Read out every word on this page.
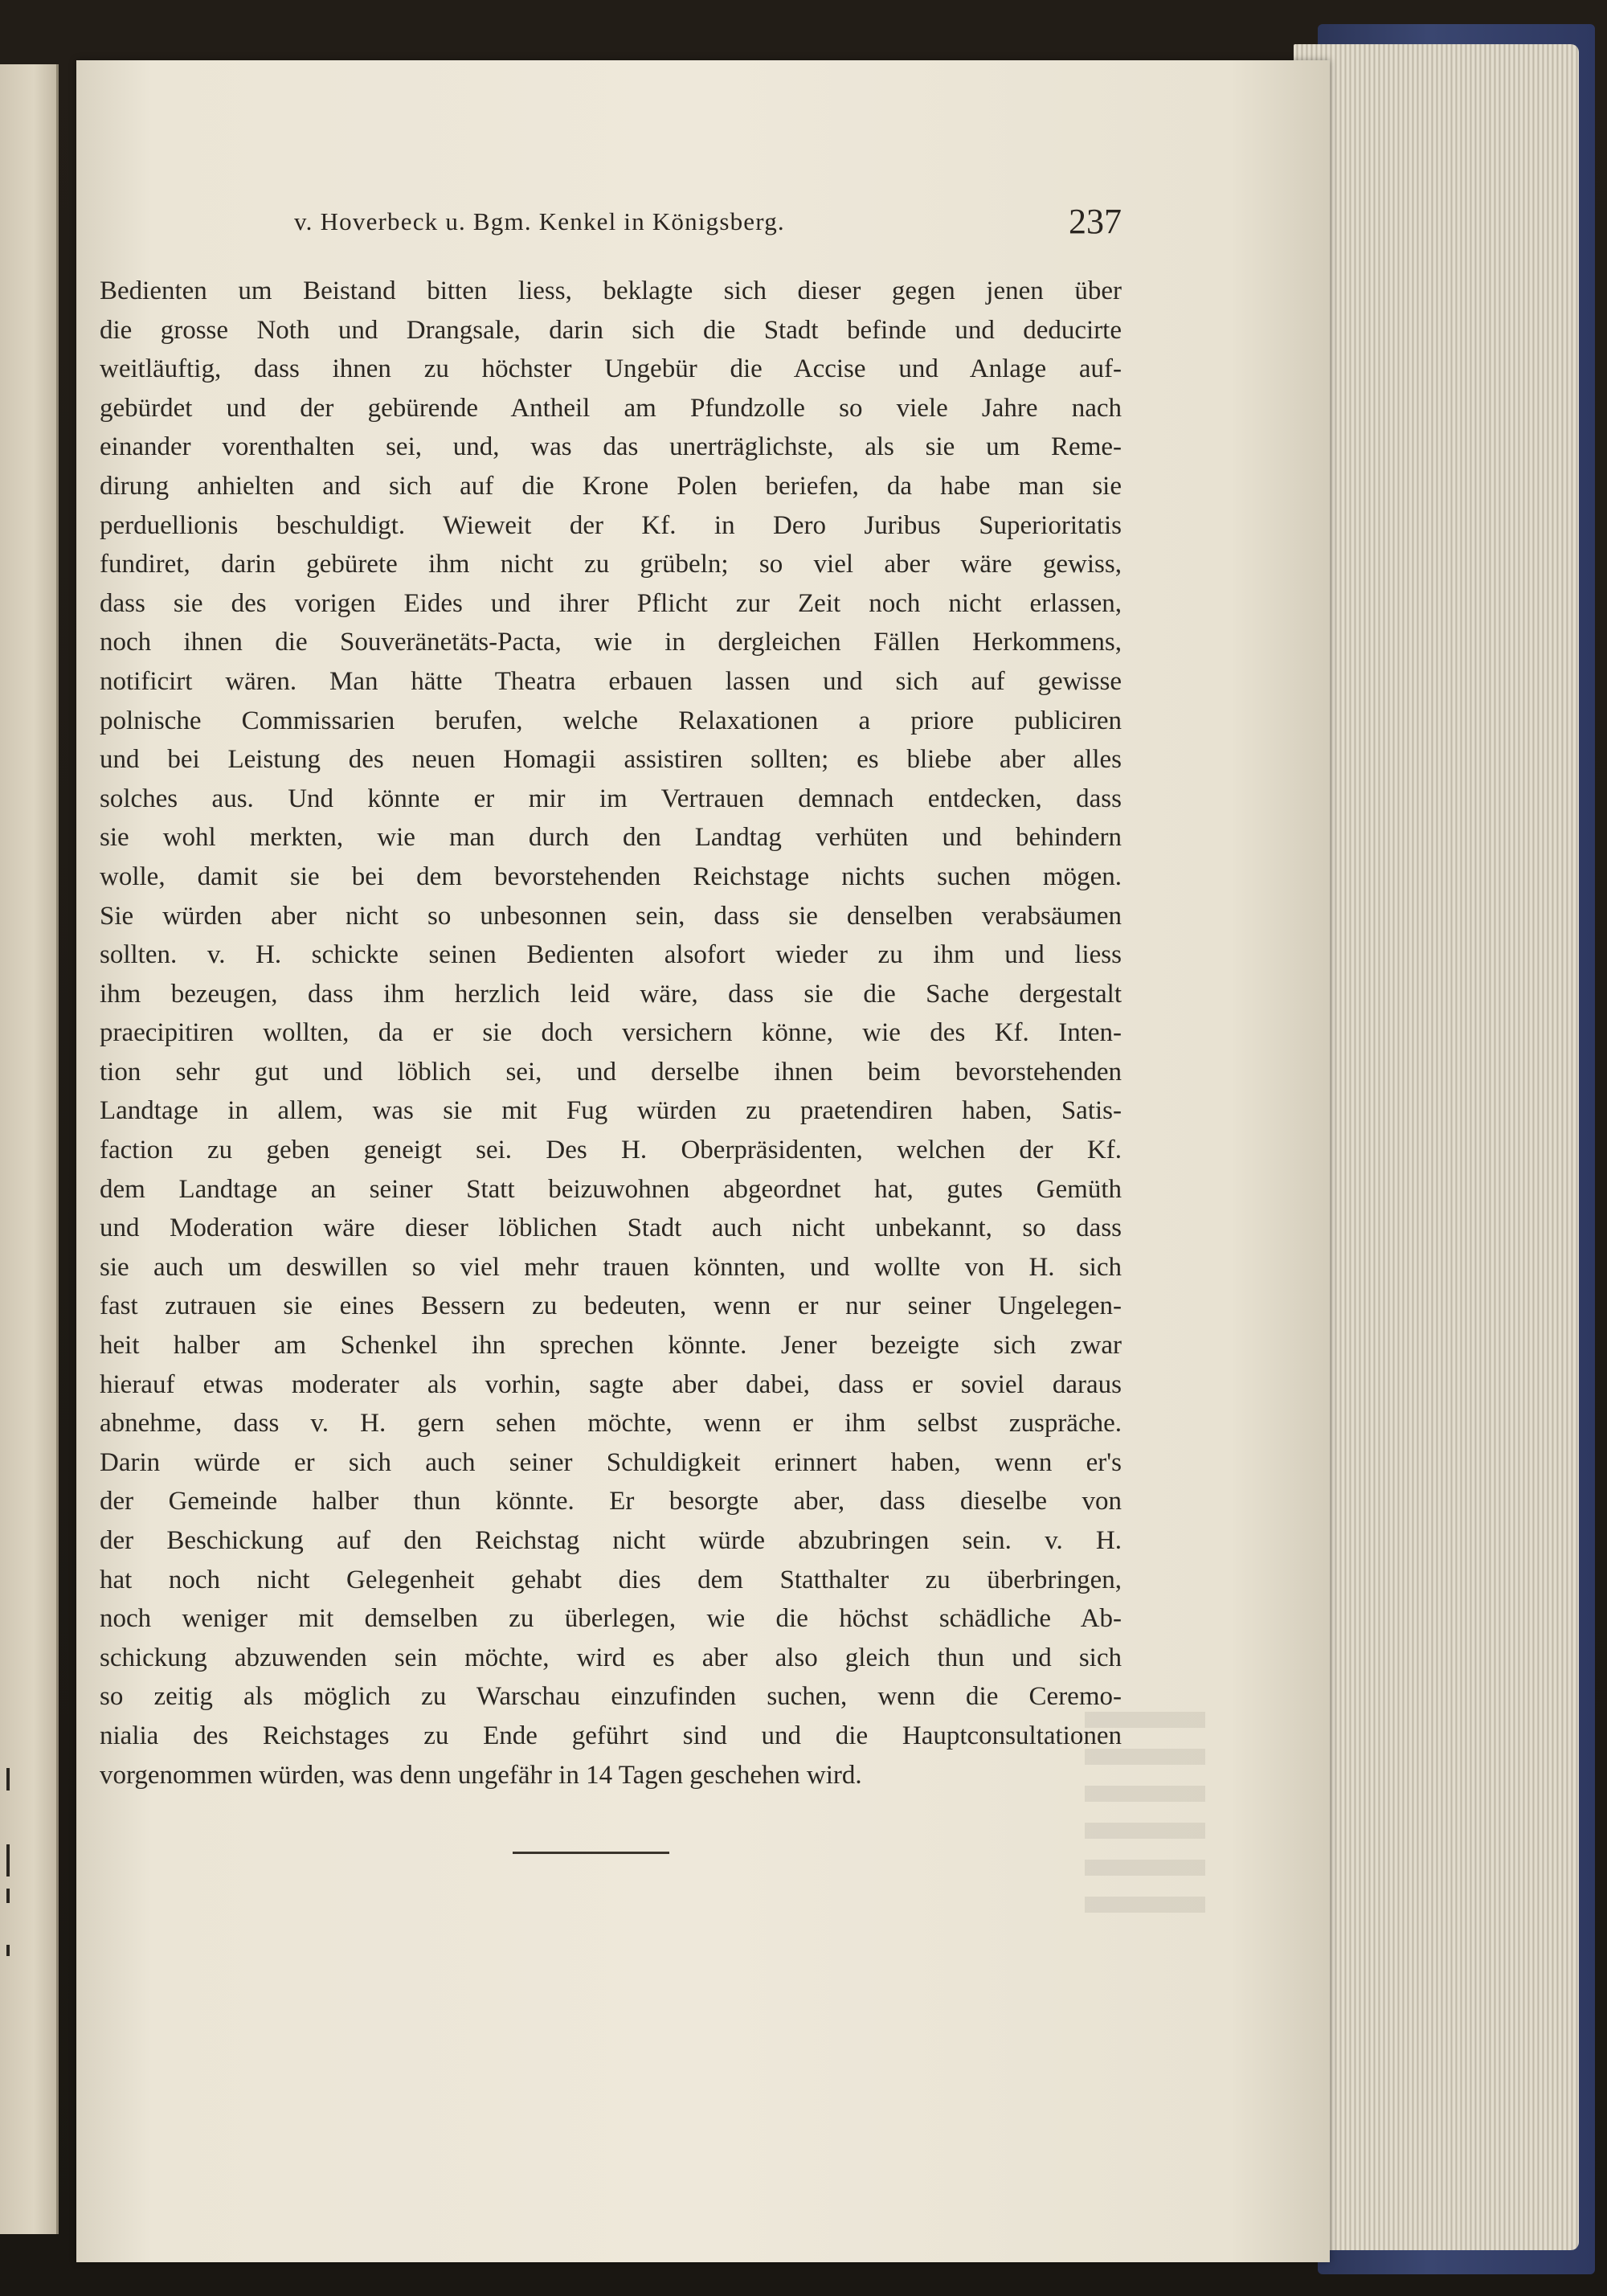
v. Hoverbeck u. Bgm. Kenkel in Königsberg.	237
Bedienten um Beistand bitten liess, beklagte sich dieser gegen jenen über
die grosse Noth und Drangsale, darin sich die Stadt befinde und deducirte
weitläuftig, dass ihnen zu höchster Ungebür die Accise und Anlage auf-
gebürdet und der gebürende Antheil am Pfundzolle so viele Jahre nach
einander vorenthalten sei, und, was das unerträglichste, als sie um Reme-
dirung anhielten and sich auf die Krone Polen beriefen, da habe man sie
perduellionis beschuldigt. Wieweit der Kf. in Dero Juribus Superioritatis
fundiret, darin gebürete ihm nicht zu grübeln; so viel aber wäre gewiss,
dass sie des vorigen Eides und ihrer Pflicht zur Zeit noch nicht erlassen,
noch ihnen die Souveränetäts-Pacta, wie in dergleichen Fällen Herkommens,
notificirt wären. Man hätte Theatra erbauen lassen und sich auf gewisse
polnische Commissarien berufen, welche Relaxationen a priore publiciren
und bei Leistung des neuen Homagii assistiren sollten; es bliebe aber alles
solches aus. Und könnte er mir im Vertrauen demnach entdecken, dass
sie wohl merkten, wie man durch den Landtag verhüten und behindern
wolle, damit sie bei dem bevorstehenden Reichstage nichts suchen mögen.
Sie würden aber nicht so unbesonnen sein, dass sie denselben verabsäumen
sollten. v. H. schickte seinen Bedienten alsofort wieder zu ihm und liess
ihm bezeugen, dass ihm herzlich leid wäre, dass sie die Sache dergestalt
praecipitiren wollten, da er sie doch versichern könne, wie des Kf. Inten-
tion sehr gut und löblich sei, und derselbe ihnen beim bevorstehenden
Landtage in allem, was sie mit Fug würden zu praetendiren haben, Satis-
faction zu geben geneigt sei. Des H. Oberpräsidenten, welchen der Kf.
dem Landtage an seiner Statt beizuwohnen abgeordnet hat, gutes Gemüth
und Moderation wäre dieser löblichen Stadt auch nicht unbekannt, so dass
sie auch um deswillen so viel mehr trauen könnten, und wollte von H. sich
fast zutrauen sie eines Bessern zu bedeuten, wenn er nur seiner Ungelegen-
heit halber am Schenkel ihn sprechen könnte. Jener bezeigte sich zwar
hierauf etwas moderater als vorhin, sagte aber dabei, dass er soviel daraus
abnehme, dass v. H. gern sehen möchte, wenn er ihm selbst zuspräche.
Darin würde er sich auch seiner Schuldigkeit erinnert haben, wenn er's
der Gemeinde halber thun könnte. Er besorgte aber, dass dieselbe von
der Beschickung auf den Reichstag nicht würde abzubringen sein. v. H.
hat noch nicht Gelegenheit gehabt dies dem Statthalter zu überbringen,
noch weniger mit demselben zu überlegen, wie die höchst schädliche Ab-
schickung abzuwenden sein möchte, wird es aber also gleich thun und sich
so zeitig als möglich zu Warschau einzufinden suchen, wenn die Ceremo-
nialia des Reichstages zu Ende geführt sind und die Hauptconsultationen
vorgenommen würden, was denn ungefähr in 14 Tagen geschehen wird.
